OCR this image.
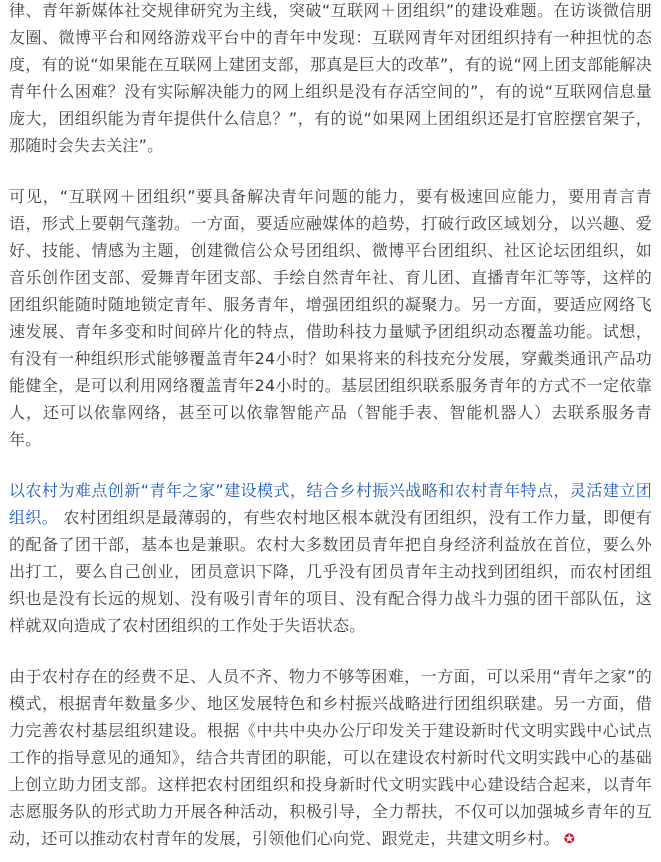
律、青年新媒体社交规律研究为主线，突破“互联网＋团组织”的建设难题。在访谈微信朋友圈、微博平台和网络游戏平台中的青年中发现：互联网青年对团组织持有一种担忧的态度，有的说“如果能在互联网上建团支部，那真是巨大的改革”，有的说“网上团支部能解决青年什么困难？没有实际解决能力的网上组织是没有存活空间的”，有的说“互联网信息量庞大，团组织能为青年提供什么信息？”，有的说“如果网上团组织还是打官腔摆官架子，那随时会失去关注”。

可见，“互联网＋团组织”要具备解决青年问题的能力，要有极速回应能力，要用青言青语，形式上要朝气蓬勃。一方面，要适应融媒体的趋势，打破行政区域划分，以兴趣、爱好、技能、情感为主题，创建微信公众号团组织、微博平台团组织、社区论坛团组织，如音乐创作团支部、爱舞青年团支部、手绘自然青年社、育儿团、直播青年汇等等，这样的团组织能随时随地锁定青年、服务青年，增强团组织的凝聚力。另一方面，要适应网络飞速发展、青年多变和时间碎片化的特点，借助科技力量赋予团组织动态覆盖功能。试想，有没有一种组织形式能够覆盖青年24小时？如果将来的科技充分发展，穿戴类通讯产品功能健全，是可以利用网络覆盖青年24小时的。基层团组织联系服务青年的方式不一定依靠人，还可以依靠网络，甚至可以依靠智能产品（智能手表、智能机器人）去联系服务青年。

以农村为难点创新“青年之家”建设模式，结合乡村振兴战略和农村青年特点，灵活建立团组织。 农村团组织是最薄弱的，有些农村地区根本就没有团组织，没有工作力量，即便有的配备了团干部，基本也是兼职。农村大多数团员青年把自身经济利益放在首位，要么外出打工，要么自己创业，团员意识下降，几乎没有团员青年主动找到团组织，而农村团组织也是没有长远的规划、没有吸引青年的项目、没有配合得力战斗力强的团干部队伍，这样就双向造成了农村团组织的工作处于失语状态。

由于农村存在的经费不足、人员不齐、物力不够等困难，一方面，可以采用“青年之家”的模式，根据青年数量多少、地区发展特色和乡村振兴战略进行团组织联建。另一方面，借力完善农村基层组织建设。根据《中共中央办公厅印发关于建设新时代文明实践中心试点工作的指导意见的通知》，结合共青团的职能，可以在建设农村新时代文明实践中心的基础上创立助力团支部。这样把农村团组织和投身新时代文明实践中心建设结合起来，以青年志愿服务队的形式助力开展各种活动，积极引导，全力帮扶，不仅可以加强城乡青年的互动，还可以推动农村青年的发展，引领他们心向党、跟党走，共建文明乡村。 ✪
